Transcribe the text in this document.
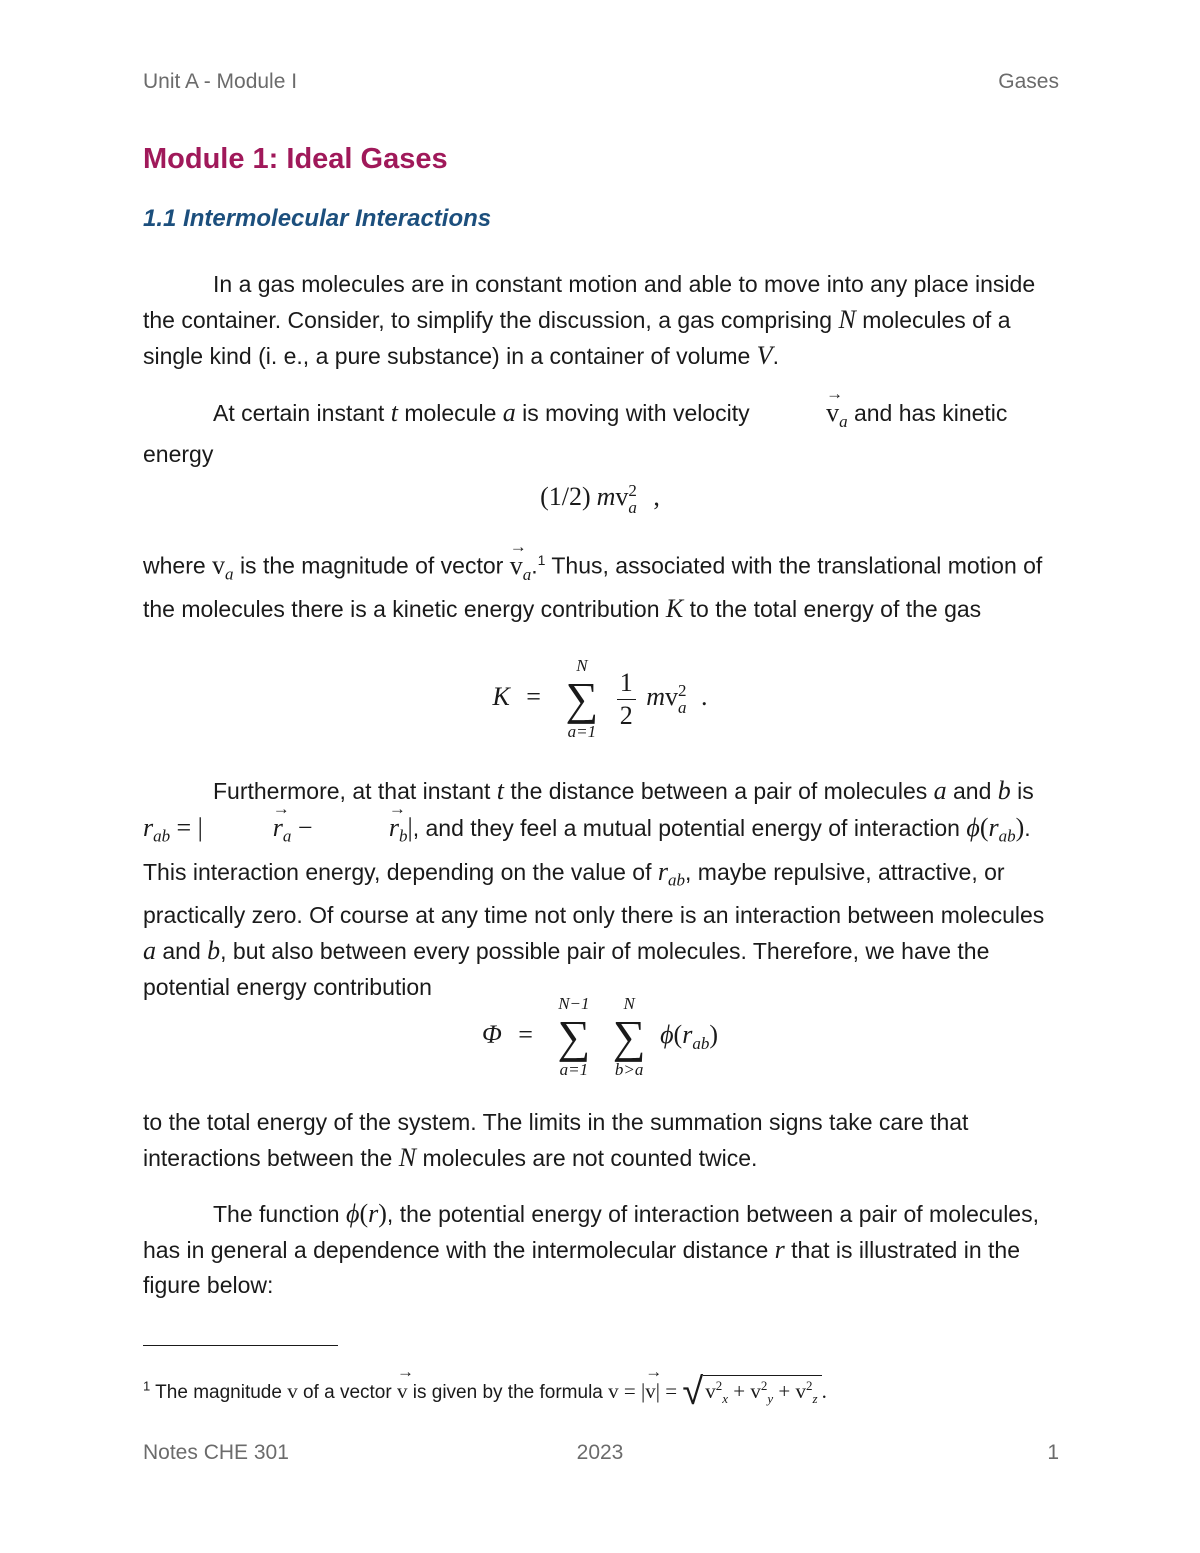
Unit A - Module I	Gases
Module 1: Ideal Gases
1.1 Intermolecular Interactions
In a gas molecules are in constant motion and able to move into any place inside the container. Consider, to simplify the discussion, a gas comprising N molecules of a single kind (i. e., a pure substance) in a container of volume V.
At certain instant t molecule a is moving with velocity	→ $v_a$ and has kinetic energy
(1/2) mv 2
a ,
where $v_a$ is the magnitude of vector → $v_a.^1$ Thus, associated with the translational motion of the molecules there is a kinetic energy contribution K to the total energy of the gas
K =
N
∑
a=1
$\frac{1}{2}$ mv 2
a .
Furthermore, at that instant t the distance between a pair of molecules a and b is $r_{ab}$ = |	→ $r_a$ −	→ $r_b|$, and they feel a mutual potential energy of interaction $\phi(r_{ab})$. This interaction energy, depending on the value of $r_{ab}$, maybe repulsive, attractive, or practically zero. Of course at any time not only there is an interaction between molecules a and b, but also between every possible pair of molecules. Therefore, we have the potential energy contribution
Φ =
N−1
∑
a=1

N
∑
b>a
$\phi(r_{ab})$
to the total energy of the system. The limits in the summation signs take care that interactions between the N molecules are not counted twice.
The function ϕ(r), the potential energy of interaction between a pair of molecules, has in general a dependence with the intermolecular distance r that is illustrated in the figure below:
$^1$ The magnitude v of a vector → v is given by the formula v = |→ $v| = √v^2_x + v^2_y + v^2_z$ .
Notes CHE 301	2023	1
